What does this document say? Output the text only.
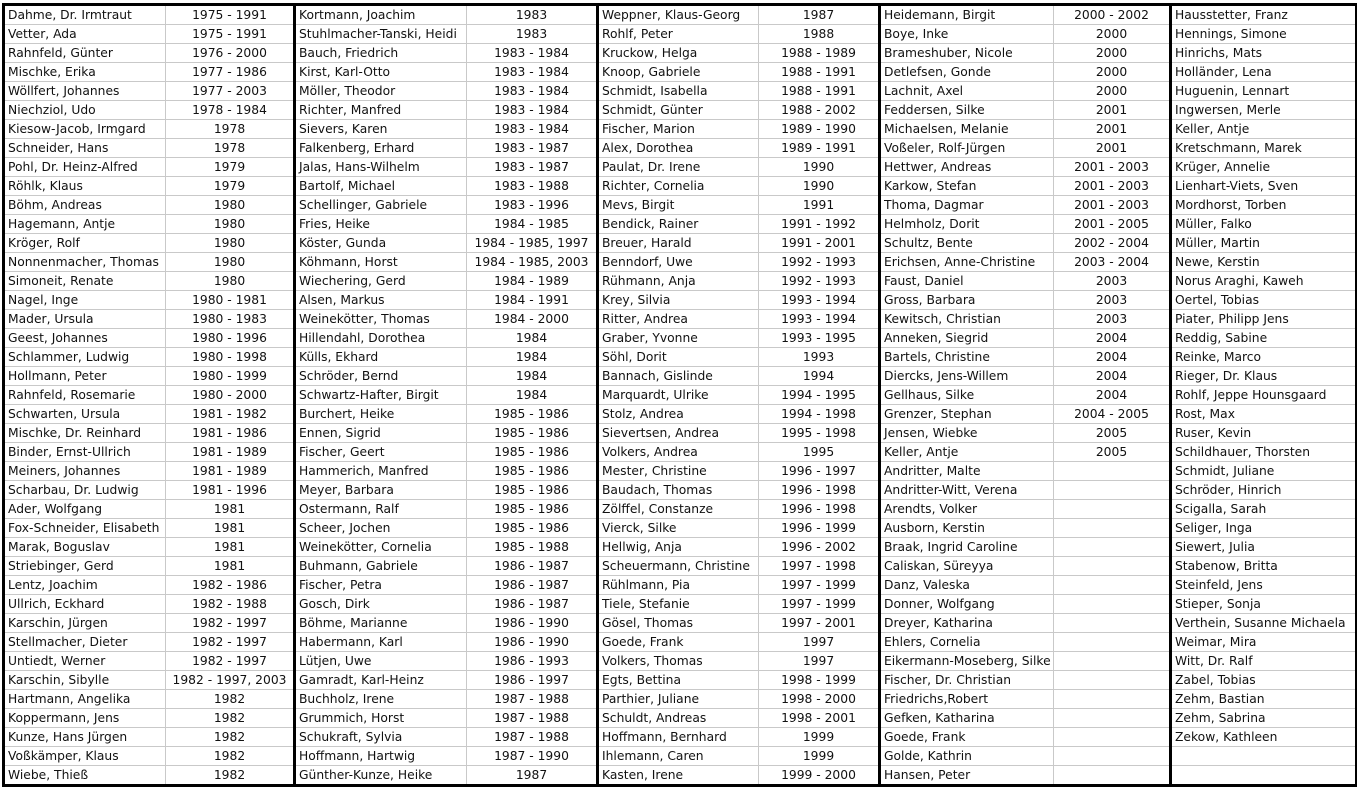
Dahme, Dr. Irmtraut	1975 - 1991	Kortmann, Joachim	1983	Weppner, Klaus-Georg	1987	Heidemann, Birgit	2000 - 2002	Hausstetter, Franz
Vetter, Ada	1975 - 1991	Stuhlmacher-Tanski, Heidi	1983	Rohlf, Peter	1988	Boye, Inke	2000	Hennings, Simone
Rahnfeld, Günter	1976 - 2000	Bauch, Friedrich	1983 - 1984	Kruckow, Helga	1988 - 1989	Brameshuber, Nicole	2000	Hinrichs, Mats
Mischke, Erika	1977 - 1986	Kirst, Karl-Otto	1983 - 1984	Knoop, Gabriele	1988 - 1991	Detlefsen, Gonde	2000	Holländer, Lena
Wöllfert, Johannes	1977 - 2003	Möller, Theodor	1983 - 1984	Schmidt, Isabella	1988 - 1991	Lachnit, Axel	2000	Huguenin, Lennart
Niechziol, Udo	1978 - 1984	Richter, Manfred	1983 - 1984	Schmidt, Günter	1988 - 2002	Feddersen, Silke	2001	Ingwersen, Merle
Kiesow-Jacob, Irmgard	1978	Sievers, Karen	1983 - 1984	Fischer, Marion	1989 - 1990	Michaelsen, Melanie	2001	Keller, Antje
Schneider, Hans	1978	Falkenberg, Erhard	1983 - 1987	Alex, Dorothea	1989 - 1991	Voßeler, Rolf-Jürgen	2001	Kretschmann, Marek
Pohl, Dr. Heinz-Alfred	1979	Jalas, Hans-Wilhelm	1983 - 1987	Paulat, Dr. Irene	1990	Hettwer, Andreas	2001 - 2003	Krüger, Annelie
Röhlk, Klaus	1979	Bartolf, Michael	1983 - 1988	Richter, Cornelia	1990	Karkow, Stefan	2001 - 2003	Lienhart-Viets, Sven
Böhm, Andreas	1980	Schellinger, Gabriele	1983 - 1996	Mevs, Birgit	1991	Thoma, Dagmar	2001 - 2003	Mordhorst, Torben
Hagemann, Antje	1980	Fries, Heike	1984 - 1985	Bendick, Rainer	1991 - 1992	Helmholz, Dorit	2001 - 2005	Müller, Falko
Kröger, Rolf	1980	Köster, Gunda	1984 - 1985, 1997	Breuer, Harald	1991 - 2001	Schultz, Bente	2002 - 2004	Müller, Martin
Nonnenmacher, Thomas	1980	Köhmann, Horst	1984 - 1985, 2003	Benndorf, Uwe	1992 - 1993	Erichsen, Anne-Christine	2003 - 2004	Newe, Kerstin
Simoneit, Renate	1980	Wiechering, Gerd	1984 - 1989	Rühmann, Anja	1992 - 1993	Faust, Daniel	2003	Norus Araghi, Kaweh
Nagel, Inge	1980 - 1981	Alsen, Markus	1984 - 1991	Krey, Silvia	1993 - 1994	Gross, Barbara	2003	Oertel, Tobias
Mader, Ursula	1980 - 1983	Weinekötter, Thomas	1984 - 2000	Ritter, Andrea	1993 - 1994	Kewitsch, Christian	2003	Piater, Philipp Jens
Geest, Johannes	1980 - 1996	Hillendahl, Dorothea	1984	Graber, Yvonne	1993 - 1995	Anneken, Siegrid	2004	Reddig, Sabine
Schlammer, Ludwig	1980 - 1998	Külls, Ekhard	1984	Söhl, Dorit	1993	Bartels, Christine	2004	Reinke, Marco
Hollmann, Peter	1980 - 1999	Schröder, Bernd	1984	Bannach, Gislinde	1994	Diercks, Jens-Willem	2004	Rieger, Dr. Klaus
Rahnfeld, Rosemarie	1980 - 2000	Schwartz-Hafter, Birgit	1984	Marquardt, Ulrike	1994 - 1995	Gellhaus, Silke	2004	Rohlf, Jeppe Hounsgaard
Schwarten, Ursula	1981 - 1982	Burchert, Heike	1985 - 1986	Stolz, Andrea	1994 - 1998	Grenzer, Stephan	2004 - 2005	Rost, Max
Mischke, Dr. Reinhard	1981 - 1986	Ennen, Sigrid	1985 - 1986	Sievertsen, Andrea	1995 - 1998	Jensen, Wiebke	2005	Ruser, Kevin
Binder, Ernst-Ullrich	1981 - 1989	Fischer, Geert	1985 - 1986	Volkers, Andrea	1995	Keller, Antje	2005	Schildhauer, Thorsten
Meiners, Johannes	1981 - 1989	Hammerich, Manfred	1985 - 1986	Mester, Christine	1996 - 1997	Andritter, Malte		Schmidt, Juliane
Scharbau, Dr. Ludwig	1981 - 1996	Meyer, Barbara	1985 - 1986	Baudach, Thomas	1996 - 1998	Andritter-Witt, Verena		Schröder, Hinrich
Ader, Wolfgang	1981	Ostermann, Ralf	1985 - 1986	Zölffel, Constanze	1996 - 1998	Arendts, Volker		Scigalla, Sarah
Fox-Schneider, Elisabeth	1981	Scheer, Jochen	1985 - 1986	Vierck, Silke	1996 - 1999	Ausborn, Kerstin		Seliger, Inga
Marak, Boguslav	1981	Weinekötter, Cornelia	1985 - 1988	Hellwig, Anja	1996 - 2002	Braak, Ingrid Caroline		Siewert, Julia
Striebinger, Gerd	1981	Buhmann, Gabriele	1986 - 1987	Scheuermann, Christine	1997 - 1998	Caliskan, Süreyya		Stabenow, Britta
Lentz, Joachim	1982 - 1986	Fischer, Petra	1986 - 1987	Rühlmann, Pia	1997 - 1999	Danz, Valeska		Steinfeld, Jens
Ullrich, Eckhard	1982 - 1988	Gosch, Dirk	1986 - 1987	Tiele, Stefanie	1997 - 1999	Donner, Wolfgang		Stieper, Sonja
Karschin, Jürgen	1982 - 1997	Böhme, Marianne	1986 - 1990	Gösel, Thomas	1997 - 2001	Dreyer, Katharina		Verthein, Susanne Michaela
Stellmacher, Dieter	1982 - 1997	Habermann, Karl	1986 - 1990	Goede, Frank	1997	Ehlers, Cornelia		Weimar, Mira
Untiedt, Werner	1982 - 1997	Lütjen, Uwe	1986 - 1993	Volkers, Thomas	1997	Eikermann-Moseberg, Silke		Witt, Dr. Ralf
Karschin, Sibylle	1982 - 1997, 2003	Gamradt, Karl-Heinz	1986 - 1997	Egts, Bettina	1998 - 1999	Fischer, Dr. Christian		Zabel, Tobias
Hartmann, Angelika	1982	Buchholz, Irene	1987 - 1988	Parthier, Juliane	1998 - 2000	Friedrichs,Robert		Zehm, Bastian
Koppermann, Jens	1982	Grummich, Horst	1987 - 1988	Schuldt, Andreas	1998 - 2001	Gefken, Katharina		Zehm, Sabrina
Kunze, Hans Jürgen	1982	Schukraft, Sylvia	1987 - 1988	Hoffmann, Bernhard	1999	Goede, Frank		Zekow, Kathleen
Voßkämper, Klaus	1982	Hoffmann, Hartwig	1987 - 1990	Ihlemann, Caren	1999	Golde, Kathrin		
Wiebe, Thieß	1982	Günther-Kunze, Heike	1987	Kasten, Irene	1999 - 2000	Hansen, Peter		
